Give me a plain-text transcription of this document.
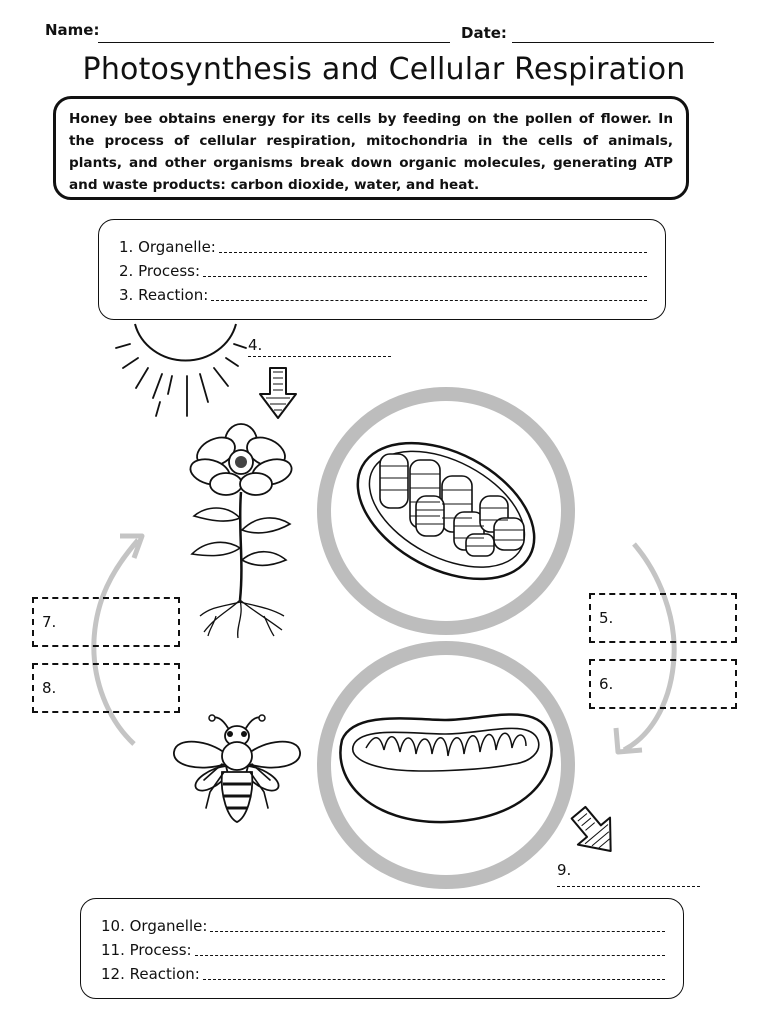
Name:	Date:
Photosynthesis and Cellular Respiration
Honey bee obtains energy for its cells by feeding on the pollen of flower. In the process of cellular respiration, mitochondria in the cells of animals, plants, and other organisms break down organic molecules, generating ATP and waste products: carbon dioxide, water, and heat.
1. Organelle:
2. Process:
3. Reaction:
4.
7.
8.
5.
6.
9.
10. Organelle:
11. Process:
12. Reaction:
